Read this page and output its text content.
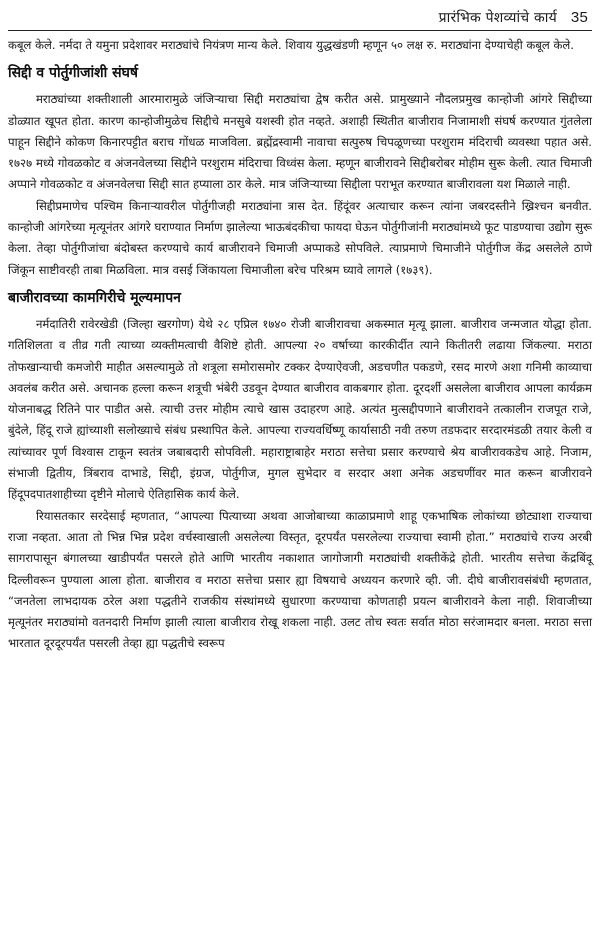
प्रारंभिक पेशव्यांचे कार्य 35

कबूल केले. नर्मदा ते यमुना प्रदेशावर मराठ्यांचे नियंत्रण मान्य केले. शिवाय युद्धखंडणी म्हणून ५० लक्ष रु. मराठ्यांना देण्याचेही कबूल केले.

सिद्दी व पोर्तुगीजांशी संघर्ष

मराठ्यांच्या शक्तीशाली आरमारामुळे जंजिऱ्याचा सिद्दी मराठ्यांचा द्वेष करीत असे. प्रामुख्याने नौदलप्रमुख कान्होजी आंगरे सिद्दीच्या डोळ्यात खूपत होता. कारण कान्होजीमुळेच सिद्दीचे मनसुबे यशस्वी होत नव्हते. अशाही स्थितीत बाजीराव निजामाशी संघर्ष करण्यात गुंतलेला पाहून सिद्दीने कोकण किनारपट्टीत बराच गोंधळ माजविला. ब्रह्मेंद्रस्वामी नावाचा सत्पुरुष चिपळूणच्या परशुराम मंदिराची व्यवस्था पहात असे. १७२७ मध्ये गोवळकोट व अंजनवेलच्या सिद्दीने परशुराम मंदिराचा विध्वंस केला. म्हणून बाजीरावने सिद्दीबरोबर मोहीम सुरू केली. त्यात चिमाजी अप्पाने गोवळकोट व अंजनवेलचा सिद्दी सात हप्याला ठार केले. मात्र जंजिऱ्याच्या सिद्दीला पराभूत करण्यात बाजीरावला यश मिळाले नाही.

सिद्दीप्रमाणेच पश्चिम किनाऱ्यावरील पोर्तुगीजही मराठ्यांना त्रास देत. हिंदूंवर अत्याचार करून त्यांना जबरदस्तीने ख्रिश्चन बनवीत. कान्होजी आंगरेच्या मृत्यूनंतर आंगरे घराण्यात निर्माण झालेल्या भाऊबंदकीचा फायदा घेऊन पोर्तुगीजांनी मराठ्यांमध्ये फूट पाडण्याचा उद्योग सुरू केला. तेव्हा पोर्तुगीजांचा बंदोबस्त करण्याचे कार्य बाजीरावने चिमाजी अप्पाकडे सोपविले. त्याप्रमाणे चिमाजीने पोर्तुगीज केंद्र असलेले ठाणे जिंकून साष्टीवरही ताबा मिळविला. मात्र वसई जिंकायला चिमाजीला बरेच परिश्रम घ्यावे लागले (१७३९).

बाजीरावच्या कामगिरीचे मूल्यमापन

नर्मदातिरी रावेरखेडी (जिल्हा खरगोण) येथे २८ एप्रिल १७४० रोजी बाजीरावचा अकस्मात मृत्यू झाला. बाजीराव जन्मजात योद्धा होता. गतिशिलता व तीव्र गती त्याच्या व्यक्तीमत्वाची वैशिष्टे होती. आपल्या २० वर्षाच्या कारकीर्दीत त्याने कितीतरी लढाया जिंकल्या. मराठा तोफखान्याची कमजोरी माहीत असल्यामुळे तो शत्रूला समोरासमोर टक्कर देण्याऐवजी, अडचणीत पकडणे, रसद मारणे अशा गनिमी काव्याचा अवलंब करीत असे. अचानक हल्ला करून शत्रूची भंबेरी उडवून देण्यात बाजीराव वाकबगार होता. दूरदर्शी असलेला बाजीराव आपला कार्यक्रम योजनाबद्ध रितिने पार पाडीत असे. त्याची उत्तर मोहीम त्याचे खास उदाहरण आहे. अत्यंत मुत्सद्दीपणाने बाजीरावने तत्कालीन राजपूत राजे, बुंदेले, हिंदू राजे ह्यांच्याशी सलोख्याचे संबंध प्रस्थापित केले. आपल्या राज्यवर्धिष्णू कार्यासाठी नवी तरुण तडफदार सरदारमंडळी तयार केली व त्यांच्यावर पूर्ण विश्वास टाकून स्वतंत्र जबाबदारी सोपविली. महाराष्ट्राबाहेर मराठा सत्तेचा प्रसार करण्याचे श्रेय बाजीरावकडेच आहे. निजाम, संभाजी द्वितीय, त्रिंबराव दाभाडे, सिद्दी, इंग्रज, पोर्तुगीज, मुगल सुभेदार व सरदार अशा अनेक अडचणींवर मात करून बाजीरावने हिंदूपदपातशाहीच्या दृष्टीने मोलाचे ऐतिहासिक कार्य केले.

रियासतकार सरदेसाई म्हणतात, “आपल्या पित्याच्या अथवा आजोबाच्या काळाप्रमाणे शाहू एकभाषिक लोकांच्या छोट्याशा राज्याचा राजा नव्हता. आता तो भिन्न भिन्न प्रदेश वर्चस्वाखाली असलेल्या विस्तृत, दूरपर्यंत पसरलेल्या राज्याचा स्वामी होता.” मराठ्यांचे राज्य अरबी सागरापासून बंगालच्या खाडीपर्यंत पसरले होते आणि भारतीय नकाशात जागोजागी मराठ्यांची शक्तीकेंद्रे होती. भारतीय सत्तेचा केंद्रबिंदू दिल्लीवरून पुण्याला आला होता. बाजीराव व मराठा सत्तेचा प्रसार ह्या विषयाचे अध्ययन करणारे व्ही. जी. दीघे बाजीरावसंबंधी म्हणतात, “जनतेला लाभदायक ठरेल अशा पद्धतीने राजकीय संस्थांमध्ये सुधारणा करण्याचा कोणताही प्रयत्न बाजीरावने केला नाही. शिवाजीच्या मृत्यूनंतर मराठ्यांमो वतनदारी निर्माण झाली त्याला बाजीराव रोखू शकला नाही. उलट तोच स्वतः सर्वात मोठा सरंजामदार बनला. मराठा सत्ता भारतात दूरदूरपर्यंत पसरली तेव्हा ह्या पद्धतीचे स्वरूप
